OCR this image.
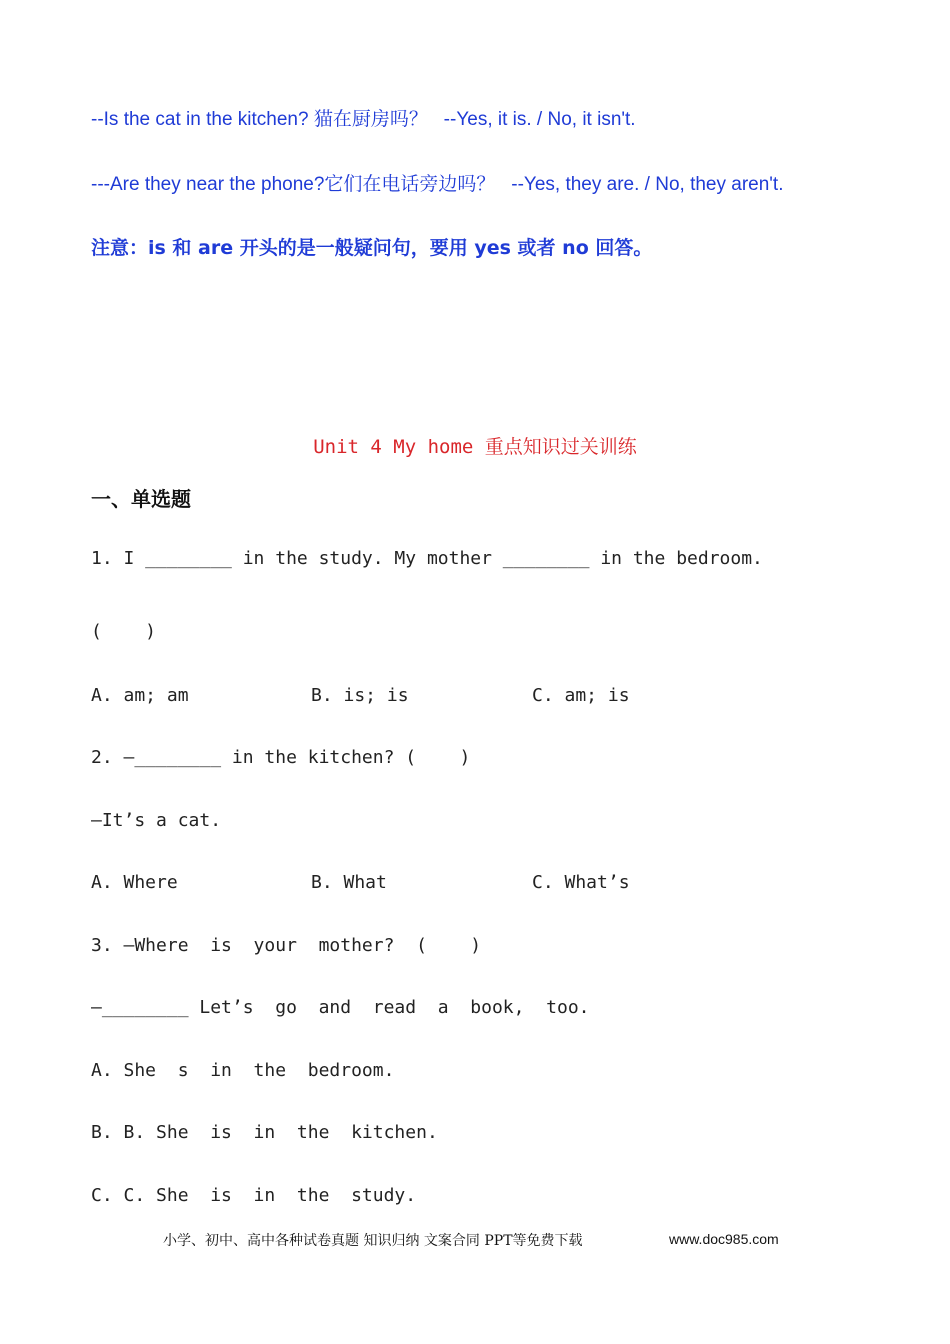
--Is the cat in the kitchen? 猫在厨房吗？   --Yes, it is. / No, it isn't.
---Are they near the phone?它们在电话旁边吗？   --Yes, they are. / No, they aren't.
注意：is 和 are 开头的是一般疑问句，要用 yes 或者 no 回答。
Unit 4 My home 重点知识过关训练
一、单选题
1. I ________ in the study. My mother ________ in the bedroom.
(    )
A. am; am	B. is; is	C. am; is
2. —________ in the kitchen? (    )
—It’s a cat.
A. Where	B. What	C. What’s
3. —Where  is  your  mother?  (    )
—________ Let’s  go  and  read  a  book,  too.
A. She  s  in  the  bedroom.
B. B. She  is  in  the  kitchen.
C. C. She  is  in  the  study.
小学、初中、高中各种试卷真题 知识归纳 文案合同 PPT等免费下载	www.doc985.com
